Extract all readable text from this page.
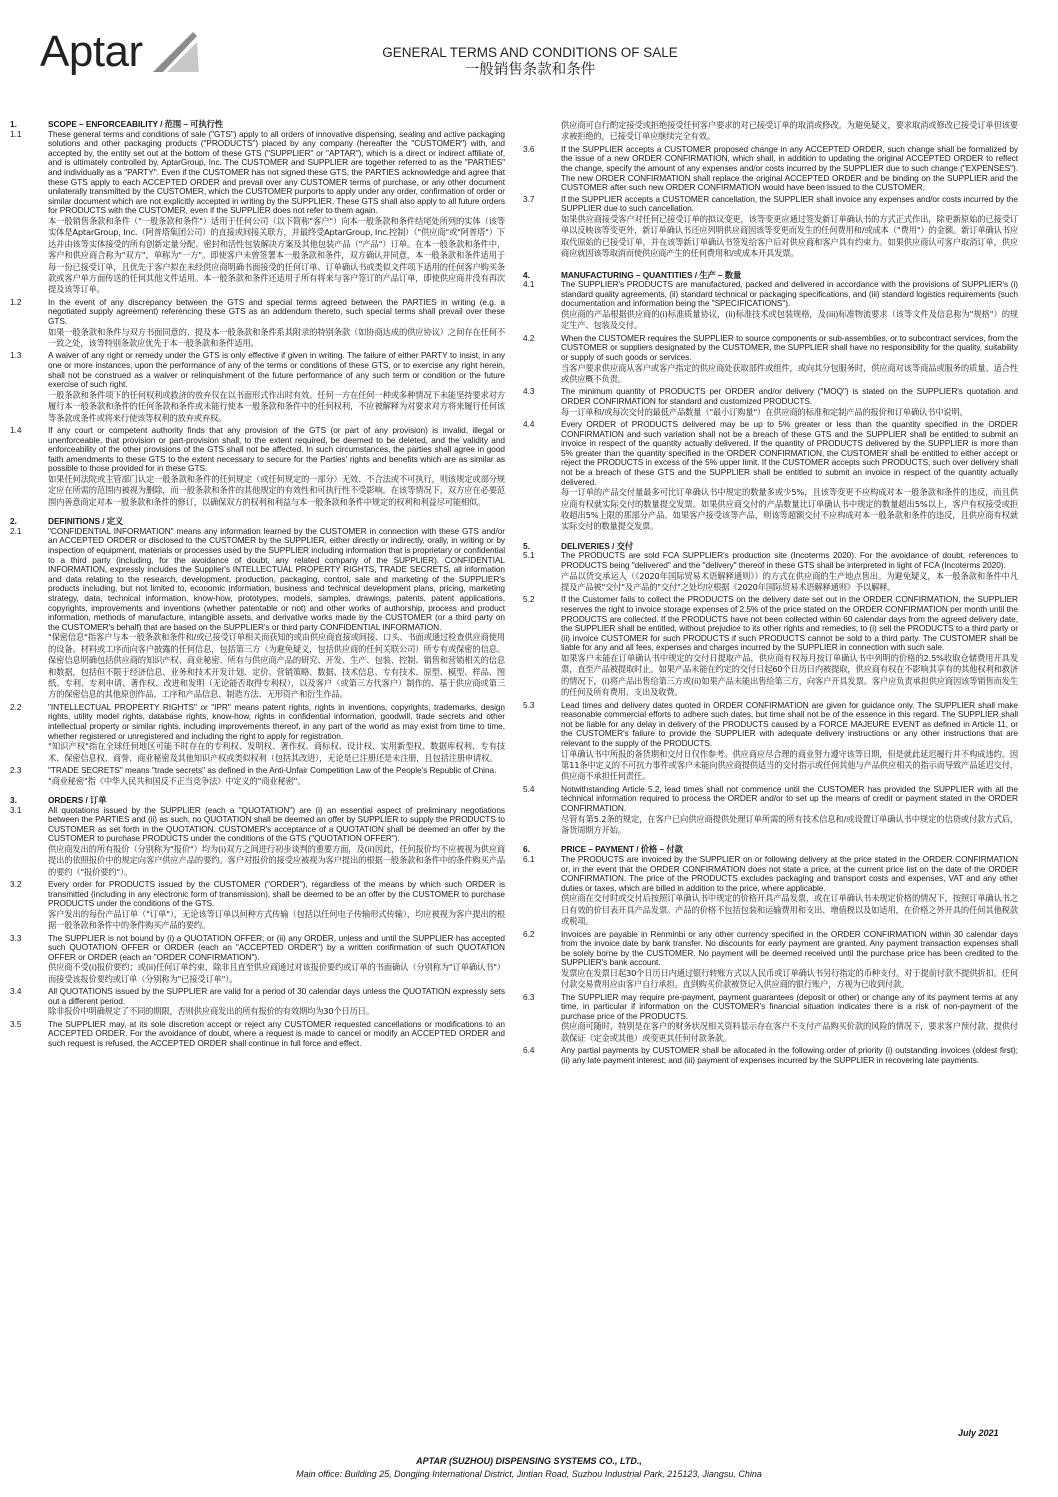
Aptar	GENERAL TERMS AND CONDITIONS OF SALE
一般销售条款和条件
1.	SCOPE – ENFORCEABILITY / 范围 – 可执行性
1.1	These general terms and conditions of sale ("GTS") apply to all orders of innovative dispensing, sealing and active packaging solutions and other packaging products ("PRODUCTS") placed by any company (hereafter the "CUSTOMER") with, and accepted by, the entity set out at the bottom of these GTS ("SUPPLIER" or "APTAR"), which is a direct or indirect affiliate of, and is ultimately controlled by, AptarGroup, Inc. The CUSTOMER and SUPPLIER are together referred to as the "PARTIES" and individually as a "PARTY". Even if the CUSTOMER has not signed these GTS, the PARTIES acknowledge and agree that these GTS apply to each ACCEPTED ORDER and prevail over any CUSTOMER terms of purchase, or any other document unilaterally transmitted by the CUSTOMER, which the CUSTOMER purports to apply under any order, confirmation of order or similar document which are not explicitly accepted in writing by the SUPPLIER. These GTS shall also apply to all future orders for PRODUCTS with the CUSTOMER, even if the SUPPLIER does not refer to them again.

本一般销售条款和条件（"一般条款和条件"）适用于任何公司（以下简称"客户"）向本一般条款和条件结尾处所列的实体（该等实体是AptarGroup, Inc.（阿普塔集团公司）的直接或间接关联方，并最终受AptarGroup, Inc.控制）（"供应商"或"阿普塔"）下达并由该等实体接受的所有创新定量分配、密封和活性包装解决方案及其他包装产品（"产品"）订单。在本一般条款和条件中，客户和供应商合称为"双方"，单称为"一方"。即使客户未曾签署本一般条款和条件，双方确认并同意，本一般条款和条件适用于每一份已接受订单，且优先于客户拟在未经供应商明确书面接受的任何订单、订单确认书或类似文件项下适用的任何客户购买条款或客户单方面传送的任何其他文件适用。本一般条款和条件还适用于所有将来与客户签订的产品订单，即使供应商并没有再次提及该等订单。

1.2	In the event of any discrepancy between the GTS and special terms agreed between the PARTIES in writing (e.g. a negotiated supply agreement) referencing these GTS as an addendum thereto, such special terms shall prevail over these GTS.

如果一般条款和条件与双方书面同意的、提及本一般条款和条件系其附录的特别条款（如协商达成的供应协议）之间存在任何不一致之处，该等特别条款应优先于本一般条款和条件适用。

1.3	A waiver of any right or remedy under the GTS is only effective if given in writing. The failure of either PARTY to insist, in any one or more instances, upon the performance of any of the terms or conditions of these GTS, or to exercise any right herein, shall not be construed as a waiver or relinquishment of the future performance of any such term or condition or the future exercise of such right.

一般条款和条件项下的任何权利或救济的放弃仅在以书面形式作出时有效。任何一方在任何一种或多种情况下未能坚持要求对方履行本一般条款和条件的任何条款和条件或未能行使本一般条款和条件中的任何权利，不应被解释为对要求对方将来履行任何该等条款或条件或将来行使该等权利的放弃或弃权。

1.4	If any court or competent authority finds that any provision of the GTS (or part of any provision) is invalid, illegal or unenforceable, that provision or part-provision shall, to the extent required, be deemed to be deleted, and the validity and enforceability of the other provisions of the GTS shall not be affected. In such circumstances, the parties shall agree in good faith amendments to these GTS to the extent necessary to secure for the Parties' rights and benefits which are as similar as possible to those provided for in these GTS.

如果任何法院或主管部门认定一般条款和条件的任何规定（或任何规定的一部分）无效、不合法或不可执行，则该规定或部分规定应在所需的范围内被视为删除，而一般条款和条件的其他规定的有效性和可执行性不受影响。在该等情况下，双方应在必要范围内善意商定对本一般条款和条件的修订，以确保双方的权利和利益与本一般条款和条件中规定的权利和利益尽可能相似。

2.	DEFINITIONS / 定义
2.1	"CONFIDENTIAL INFORMATION" means any information learned by the CUSTOMER in connection with these GTS and/or an ACCEPTED ORDER or disclosed to the CUSTOMER by the SUPPLIER, either directly or indirectly, orally, in writing or by inspection of equipment, materials or processes used by the SUPPLIER including information that is proprietary or confidential to a third party (including, for the avoidance of doubt, any related company of the SUPPLIER). CONFIDENTIAL INFORMATION, expressly includes the Supplier's INTELLECTUAL PROPERTY RIGHTS, TRADE SECRETS, all information and data relating to the research, development, production, packaging, control, sale and marketing of the SUPPLIER's products including, but not limited to, economic information, business and technical development plans, pricing, marketing strategy, data, technical information, know-how, prototypes, models, samples, drawings, patents, patent applications, copyrights, improvements and inventions (whether patentable or not) and other works of authorship, process and product information, methods of manufacture, intangible assets, and derivative works made by the CUSTOMER (or a third party on the CUSTOMER's behalf) that are based on the SUPPLIER's or third party CONFIDENTIAL INFORMATION.

"保密信息"指客户与本一般条款和条件和/或已接受订单相关而获知的或由供应商直接或间接、口头、书面或通过检查供应商使用的设备、材料或工序而向客户披露的任何信息，包括第三方（为避免疑义，包括供应商的任何关联公司）所专有或保密的信息。保密信息明确包括供应商的知识产权、商业秘密、所有与供应商产品的研究、开发、生产、包装、控制、销售和营销相关的信息和数据，包括但不限于经济信息、业务和技术开发计划、定价、营销策略、数据、技术信息、专有技术、原型、模型、样品、图纸、专利、专利申请、著作权、改进和发明（无论能否取得专利权），以及客户（或第三方代客户）制作的、基于供应商或第三方的保密信息的其他原创作品、工序和产品信息、制造方法、无形资产和衍生作品。

2.2	"INTELLECTUAL PROPERTY RIGHTS" or "IPR" means patent rights, rights in inventions, copyrights, trademarks, design rights, utility model rights, database rights, know-how, rights in confidential information, goodwill, trade secrets and other intellectual property or similar rights, including improvements thereof, in any part of the world as may exist from time to time, whether registered or unregistered and including the right to apply for registration.

"知识产权"指在全球任何地区可能不时存在的专利权、发明权、著作权、商标权、设计权、实用新型权、数据库权利、专有技术、保密信息权、商誉、商业秘密及其他知识产权或类似权利（包括其改进），无论是已注册还是未注册，且包括注册申请权。

2.3	"TRADE SECRETS" means "trade secrets" as defined in the Anti-Unfair Competition Law of the People's Republic of China.

"商业秘密"指《中华人民共和国反不正当竞争法》中定义的"商业秘密"。

3.	ORDERS / 订单
3.1	All quotations issued by the SUPPLIER (each a "QUOTATION") are (i) an essential aspect of preliminary negotiations between the PARTIES and (ii) as such, no QUOTATION shall be deemed an offer by SUPPLIER to supply the PRODUCTS to CUSTOMER as set forth in the QUOTATION. CUSTOMER's acceptance of a QUOTATION shall be deemed an offer by the CUSTOMER to purchase PRODUCTS under the conditions of the GTS ("QUOTATION OFFER").

供应商发出的所有报价（分别称为"报价"）均为(i)双方之间进行初步谈判的重要方面，及(ii)因此，任何报价均不应被视为供应商提出的依照报价中的规定向客户供应产品的要约。客户对报价的接受应被视为客户提出的根据一般条款和条件中的条件购买产品的要约（"报价要约"）。

3.2	Every order for PRODUCTS issued by the CUSTOMER ("ORDER"), regardless of the means by which such ORDER is transmitted (including in any electronic form of transmission), shall be deemed to be an offer by the CUSTOMER to purchase PRODUCTS under the conditions of the GTS.

客户发出的每份产品订单（"订单"），无论该等订单以何种方式传输（包括以任何电子传输形式传输），均应被视为客户提出的根据一般条款和条件中的条件购买产品的要约。

3.3	The SUPPLIER is not bound by (i) a QUOTATION OFFER; or (ii) any ORDER, unless and until the SUPPLIER has accepted such QUOTATION OFFER or ORDER (each an "ACCEPTED ORDER") by a written confirmation of such QUOTATION OFFER or ORDER (each an "ORDER CONFIRMATION").

供应商不受(i)报价要约；或(ii)任何订单约束，除非且直至供应商通过对该报价要约或订单的书面确认（分别称为"订单确认书"）而接受该报价要约或订单（分别称为"已接受订单"）。

3.4	All QUOTATIONS issued by the SUPPLIER are valid for a period of 30 calendar days unless the QUOTATION expressly sets out a different period.

除非报价中明确规定了不同的期限，否则供应商发出的所有报价的有效期均为30个日历日。

3.5	The SUPPLIER may, at its sole discretion accept or reject any CUSTOMER requested cancellations or modifications to an ACCEPTED ORDER. For the avoidance of doubt, where a request is made to cancel or modify an ACCEPTED ORDER and such request is refused, the ACCEPTED ORDER shall continue in full force and effect.

供应商可自行酌定接受或拒绝接受任何客户要求的对已接受订单的取消或修改。为避免疑义，要求取消或修改已接受订单但该要求被拒绝的，已接受订单应继续完全有效。
3.6	If the SUPPLIER accepts a CUSTOMER proposed change in any ACCEPTED ORDER, such change shall be formalized by the issue of a new ORDER CONFIRMATION, which shall, in addition to updating the original ACCEPTED ORDER to reflect the change, specify the amount of any expenses and/or costs incurred by the SUPPLIER due to such change ("EXPENSES"). The new ORDER CONFIRMATION shall replace the original ACCEPTED ORDER and be binding on the SUPPLIER and the CUSTOMER after such new ORDER CONFIRMATION would have been issued to the CUSTOMER.

3.7	If the SUPPLIER accepts a CUSTOMER cancellation, the SUPPLIER shall invoice any expenses and/or costs incurred by the SUPPLIER due to such cancellation.

如果供应商接受客户对任何已接受订单的拟议变更，该等变更应通过签发新订单确认书的方式正式作出，除更新原始的已接受订单以反映该等变更外，新订单确认书还应列明供应商因该等变更而发生的任何费用和/或成本（"费用"）的金额。新订单确认书应取代原始的已接受订单，并在该等新订单确认书签发给客户后对供应商和客户具有约束力。如果供应商认可客户取消订单，供应商应就因该等取消而使供应商产生的任何费用和/或成本开具发票。

4.	MANUFACTURING – QUANTITIES / 生产 – 数量
4.1	The SUPPLIER's PRODUCTS are manufactured, packed and delivered in accordance with the provisions of SUPPLIER's (i) standard quality agreements, (ii) standard technical or packaging specifications, and (iii) standard logistics requirements (such documentation and information being the "SPECIFICATIONS").

供应商的产品根据供应商的(i)标准质量协议，(ii)标准技术或包装规格，及(iii)标准物流要求（该等文件及信息称为"规格"）的规定生产、包装及交付。

4.2	When the CUSTOMER requires the SUPPLIER to source components or sub-assemblies, or to subcontract services, from the CUSTOMER or suppliers designated by the CUSTOMER, the SUPPLIER shall have no responsibility for the quality, suitability or supply of such goods or services.

当客户要求供应商从客户或客户指定的供应商处获取部件或组件，或向其分包服务时，供应商对该等商品或服务的质量、适合性或供应概不负责。

4.3	The minimum quantity of PRODUCTS per ORDER and/or delivery ("MOQ") is stated on the SUPPLIER's quotation and ORDER CONFIRMATION for standard and customized PRODUCTS.

每一订单和/或每次交付的最低产品数量（"最小订购量"）在供应商的标准和定制产品的报价和订单确认书中说明。

4.4	Every ORDER of PRODUCTS delivered may be up to 5% greater or less than the quantity specified in the ORDER CONFIRMATION and such variation shall not be a breach of these GTS and the SUPPLIER shall be entitled to submit an invoice in respect of the quantity actually delivered. If the quantity of PRODUCTS delivered by the SUPPLIER is more than 5% greater than the quantity specified in the ORDER CONFIRMATION, the CUSTOMER shall be entitled to either accept or reject the PRODUCTS in excess of the 5% upper limit. If the CUSTOMER accepts such PRODUCTS, such over delivery shall not be a breach of these GTS and the SUPPLIER shall be entitled to submit an invoice in respect of the quantity actually delivered.

每一订单的产品交付量最多可比订单确认书中规定的数量多或少5%，且该等变更不应构成对本一般条款和条件的违反，而且供应商有权就实际交付的数量提交发票。如果供应商交付的产品数量比订单确认书中规定的数量超出5%以上，客户有权接受或拒收超出5%上限的那部分产品。如果客户接受该等产品，则该等超额交付不应构成对本一般条款和条件的违反，且供应商有权就实际交付的数量提交发票。

5.	DELIVERIES / 交付
5.1	The PRODUCTS are sold FCA SUPPLIER's production site (Incoterms 2020). For the avoidance of doubt, references to PRODUCTS being "delivered" and the "delivery" thereof in these GTS shall be interpreted in light of FCA (Incoterms 2020).

产品以货交承运人（《2020年国际贸易术语解释通则》）的方式在供应商的生产地点售出。为避免疑义，本一般条款和条件中凡提及产品被"交付"及产品的"交付"之处均应根据《2020年国际贸易术语解释通则》予以解释。

5.2	If the Customer fails to collect the PRODUCTS on the delivery date set out in the ORDER CONFIRMATION, the SUPPLIER reserves the right to invoice storage expenses of 2.5% of the price stated on the ORDER CONFIRMATION per month until the PRODUCTS are collected. If the PRODUCTS have not been collected within 60 calendar days from the agreed delivery date, the SUPPLIER shall be entitled, without prejudice to its other rights and remedies, to (i) sell the PRODUCTS to a third party or (ii) invoice CUSTOMER for such PRODUCTS if such PRODUCTS cannot be sold to a third party. The CUSTOMER shall be liable for any and all fees, expenses and charges incurred by the SUPPLIER in connection with such sale.

如果客户未能在订单确认书中规定的交付日提取产品，供应商有权每月按订单确认书中列明的价格的2.5%收取仓储费用开具发票，直至产品被提取时止。如果产品未能在约定的交付日起60个日历日内被提取，供应商有权在不影响其享有的其他权利和救济的情况下，(i)将产品出售给第三方或(ii)如果产品未能出售给第三方，向客户开具发票。客户应负责承担供应商因该等销售而发生的任何及所有费用、支出及收费。

5.3	Lead times and delivery dates quoted in ORDER CONFIRMATION are given for guidance only. The SUPPLIER shall make reasonable commercial efforts to adhere such dates, but time shall not be of the essence in this regard. The SUPPLIER shall not be liable for any delay in delivery of the PRODUCTS caused by a FORCE MAJEURE EVENT as defined in Article 11, or the CUSTOMER's failure to provide the SUPPLIER with adequate delivery instructions or any other instructions that are relevant to the supply of the PRODUCTS.

订单确认书中所报的备货期和交付日仅作参考。供应商应尽合理的商业努力遵守该等日期，但是就此延迟履行并不构成违约。因第11条中定义的不可抗力事件或客户未能向供应商提供适当的交付指示或任何其他与产品供应相关的指示而导致产品延迟交付，供应商不承担任何责任。

5.4	Notwithstanding Article 5.2, lead times shall not commence until the CUSTOMER has provided the SUPPLIER with all the technical information required to process the ORDER and/or to set up the means of credit or payment stated in the ORDER CONFIRMATION.

尽管有第5.2条的规定，在客户已向供应商提供处理订单所需的所有技术信息和/或设置订单确认书中规定的信贷或付款方式后，备货周期方开始。

6.	PRICE – PAYMENT / 价格 – 付款
6.1	The PRODUCTS are invoiced by the SUPPLIER on or following delivery at the price stated in the ORDER CONFIRMATION or, in the event that the ORDER CONFIRMATION does not state a price, at the current price list on the date of the ORDER CONFIRMATION. The price of the PRODUCTS excludes packaging and transport costs and expenses, VAT and any other duties or taxes, which are billed in addition to the price, where applicable.

供应商在交付时或交付后按照订单确认书中规定的价格开具产品发票，或在订单确认书未规定价格的情况下，按照订单确认书之日有效的价目表开具产品发票。产品的价格不包括包装和运输费用和支出、增值税以及如适用，在价格之外开具的任何其他税款或税项。

6.2	Invoices are payable in Renminbi or any other currency specified in the ORDER CONFIRMATION within 30 calendar days from the invoice date by bank transfer. No discounts for early payment are granted. Any payment transaction expenses shall be solely borne by the CUSTOMER. No payment will be deemed received until the purchase price has been credited to the SUPPLIER's bank account.

发票应在发票日起30个日历日内通过银行转账方式以人民币或订单确认书另行指定的币种支付。对于提前付款不提供折扣。任何付款交易费用应由客户自行承担。直到购买价款被贷记入供应商的银行账户，方视为已收到付款。

6.3	The SUPPLIER may require pre-payment, payment guarantees (deposit or other) or change any of its payment terms at any time, in particular if information on the CUSTOMER's financial situation indicates there is a risk of non-payment of the purchase price of the PRODUCTS.

供应商可随时，特别是在客户的财务状况相关资料显示存在客户不支付产品购买价款的风险的情况下，要求客户预付款、提供付款保证（定金或其他）或变更其任何付款条款。

6.4	Any partial payments by CUSTOMER shall be allocated in the following order of priority (i) outstanding invoices (oldest first); (ii) any late payment interest; and (iii) payment of expenses incurred by the SUPPLIER in recovering late payments.

July 2021
APTAR (SUZHOU) DISPENSING SYSTEMS CO., LTD.,
Main office: Building 25, Dongjing International District, Jintian Road, Suzhou Industrial Park, 215123, Jiangsu, China
